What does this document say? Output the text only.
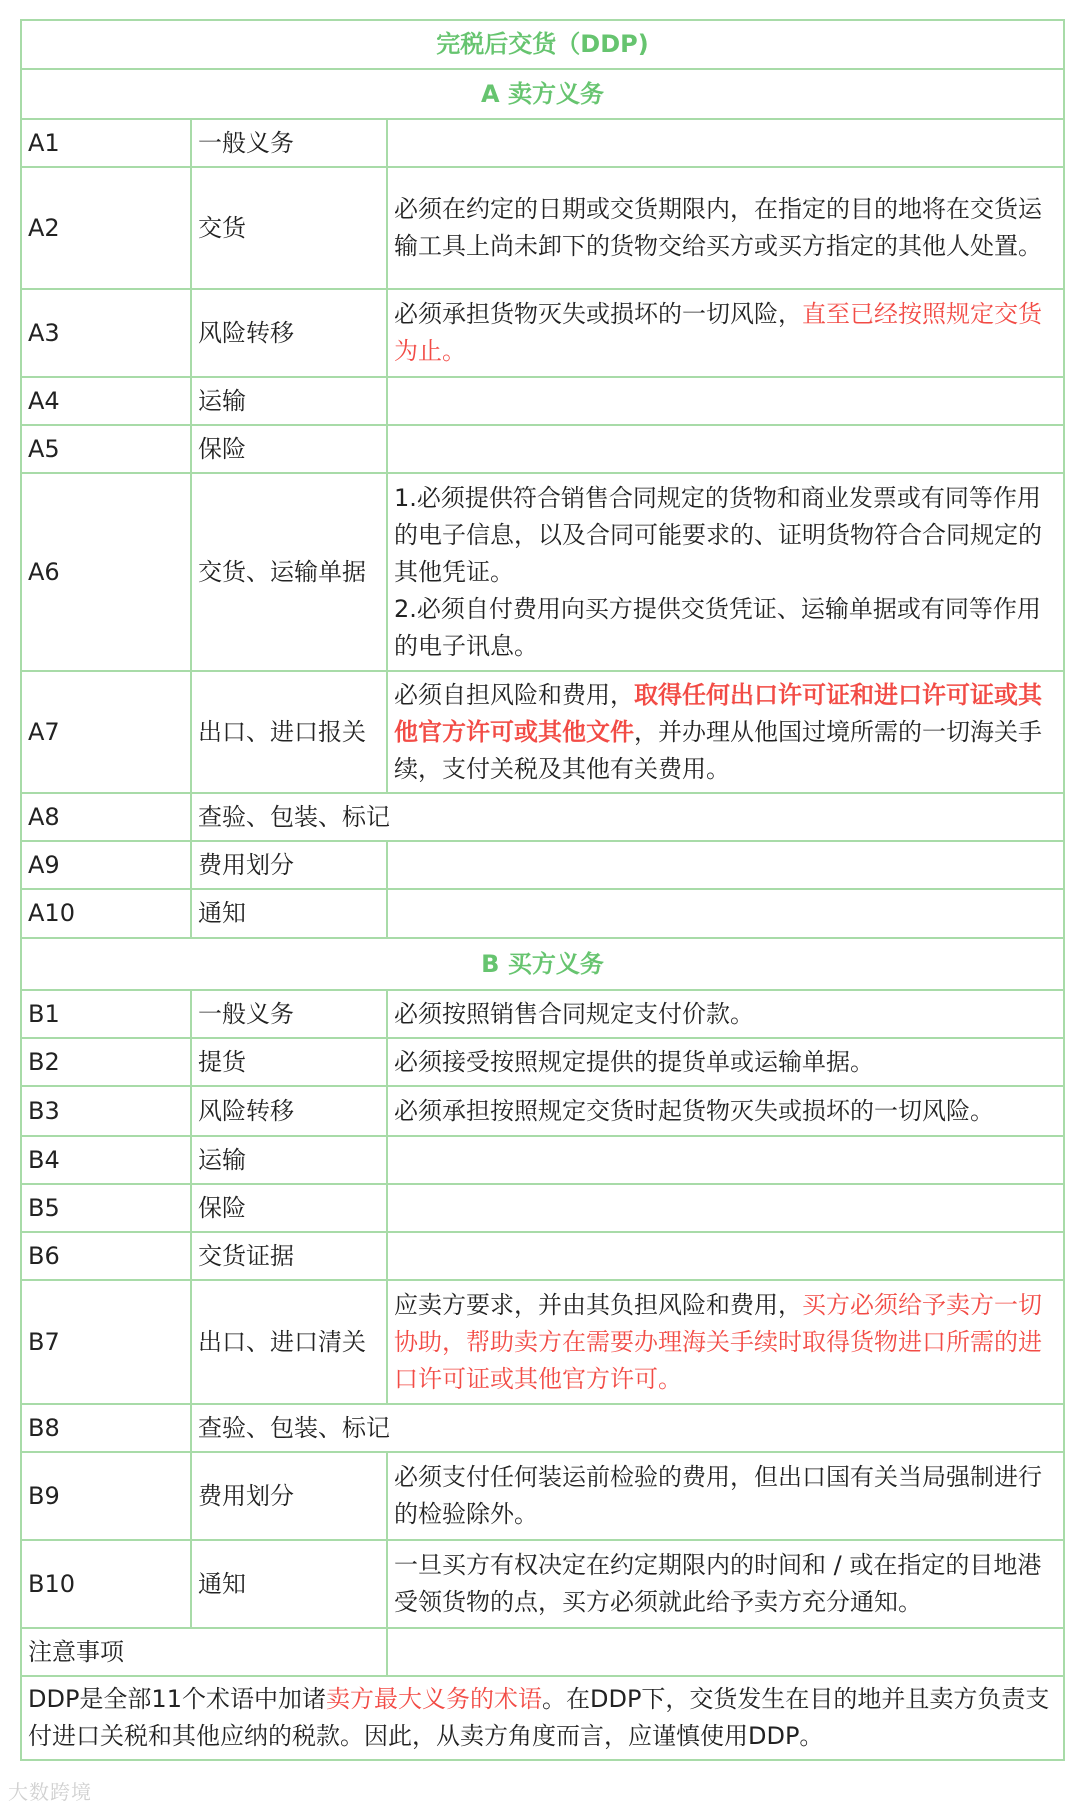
完税后交货（DDP)		
A 卖方义务		
A1	一般义务	
A2	交货	必须在约定的日期或交货期限内，在指定的目的地将在交货运输工具上尚未卸下的货物交给买方或买方指定的其他人处置。
A3	风险转移	必须承担货物灭失或损坏的一切风险，直至已经按照规定交货为止。
A4	运输	
A5	保险	
A6	交货、运输单据	1.必须提供符合销售合同规定的货物和商业发票或有同等作用的电子信息，以及合同可能要求的、证明货物符合合同规定的其他凭证。
2.必须自付费用向买方提供交货凭证、运输单据或有同等作用的电子讯息。

A7	出口、进口报关	必须自担风险和费用，取得任何出口许可证和进口许可证或其他官方许可或其他文件，并办理从他国过境所需的一切海关手续，支付关税及其他有关费用。
A8	查验、包装、标记	
A9	费用划分	
A10	通知	
B 买方义务		
B1	一般义务	必须按照销售合同规定支付价款。
B2	提货	必须接受按照规定提供的提货单或运输单据。
B3	风险转移	必须承担按照规定交货时起货物灭失或损坏的一切风险。
B4	运输	
B5	保险	
B6	交货证据	
B7	出口、进口清关	应卖方要求，并由其负担风险和费用，买方必须给予卖方一切协助，帮助卖方在需要办理海关手续时取得货物进口所需的进口许可证或其他官方许可。
B8	查验、包装、标记	
B9	费用划分	必须支付任何装运前检验的费用，但出口国有关当局强制进行的检验除外。
B10	通知	一旦买方有权决定在约定期限内的时间和 / 或在指定的目地港受领货物的点，买方必须就此给予卖方充分通知。
注意事项		
DDP是全部11个术语中加诸卖方最大义务的术语。在DDP下，交货发生在目的地并且卖方负责支付进口关税和其他应纳的税款。因此，从卖方角度而言，应谨慎使用DDP。		
大数跨境
